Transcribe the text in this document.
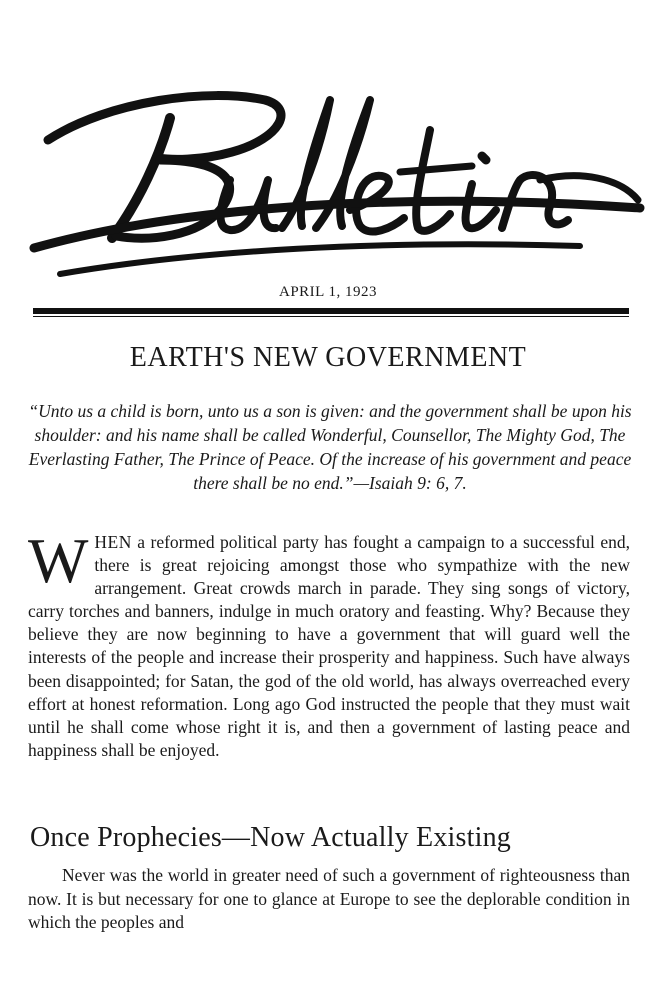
APRIL 1, 1923
EARTH'S NEW GOVERNMENT
“Unto us a child is born, unto us a son is given: and the government shall be upon his shoulder: and his name shall be called Wonderful, Counsellor, The Mighty God, The Everlasting Father, The Prince of Peace. Of the increase of his government and peace there shall be no end.”—Isaiah 9: 6, 7.
WHEN a reformed political party has fought a campaign to a successful end, there is great rejoicing amongst those who sympathize with the new arrangement. Great crowds march in parade. They sing songs of victory, carry torches and banners, indulge in much oratory and feasting. Why? Because they believe they are now beginning to have a government that will guard well the interests of the people and increase their prosperity and happiness. Such have always been disappointed; for Satan, the god of the old world, has always overreached every effort at honest reformation. Long ago God instructed the people that they must wait until he shall come whose right it is, and then a government of lasting peace and happiness shall be enjoyed.
Once Prophecies—Now Actually Existing
Never was the world in greater need of such a government of righteousness than now. It is but necessary for one to glance at Europe to see the deplorable condition in which the peoples and
